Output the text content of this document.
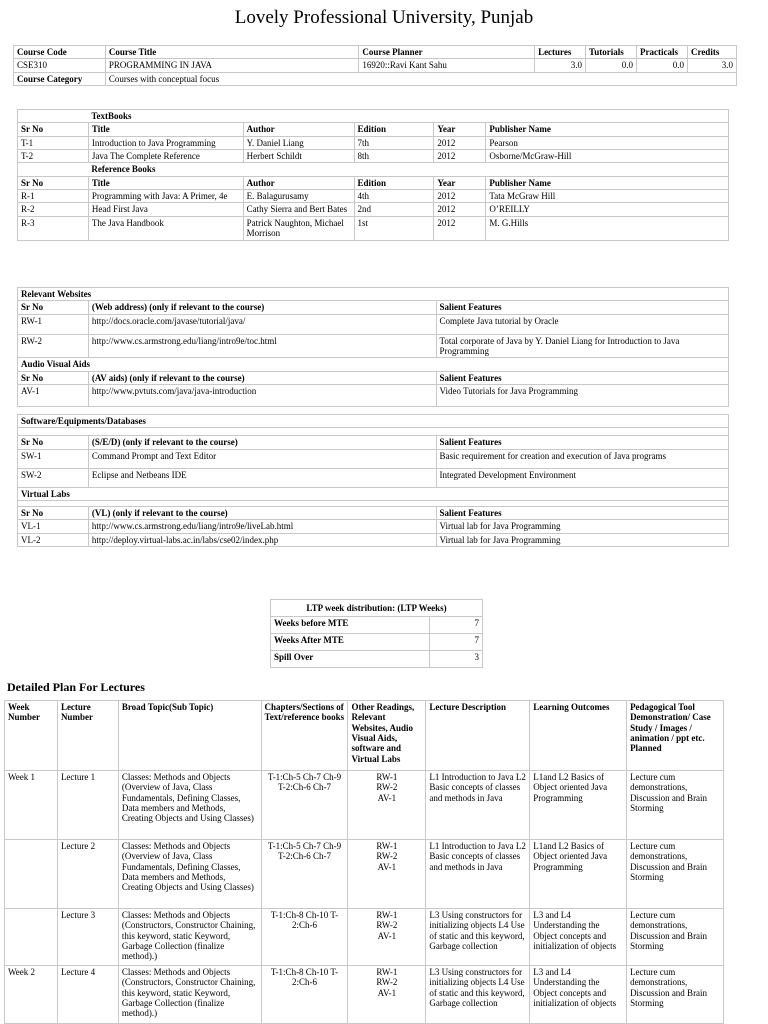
Lovely Professional University, Punjab
Course Code	Course Title	Course Planner	Lectures	Tutorials	Practicals	Credits
CSE310	PROGRAMMING IN JAVA	16920::Ravi Kant Sahu	3.0	0.0	0.0	3.0
Course Category	Courses with conceptual focus					
	TextBooks				
Sr No	Title	Author	Edition	Year	Publisher Name
T-1	Introduction to Java Programming	Y. Daniel Liang	7th	2012	Pearson
T-2	Java The Complete Reference	Herbert Schildt	8th	2012	Osborne/McGraw-Hill
	Reference Books				
Sr No	Title	Author	Edition	Year	Publisher Name
R-1	Programming with Java: A Primer, 4e	E. Balagurusamy	4th	2012	Tata McGraw Hill
R-2	Head First Java	Cathy Sierra and Bert Bates	2nd	2012	O’REILLY
R-3	The Java Handbook	Patrick Naughton, Michael Morrison	1st	2012	M. G.Hills
Relevant Websites		
Sr No	(Web address) (only if relevant to the course)	Salient Features
RW-1	http://docs.oracle.com/javase/tutorial/java/	Complete Java tutorial by Oracle
RW-2	http://www.cs.armstrong.edu/liang/intro9e/toc.html	Total corporate of Java by Y. Daniel Liang for Introduction to Java Programming
Audio Visual Aids		
Sr No	(AV aids) (only if relevant to the course)	Salient Features
AV-1	http://www.pvtuts.com/java/java-introduction	Video Tutorials for Java Programming

Software/Equipments/Databases		

Sr No	(S/E/D) (only if relevant to the course)	Salient Features
SW-1	Command Prompt and Text Editor	Basic requirement for creation and execution of Java programs
SW-2	Eclipse and Netbeans IDE	Integrated Development Environment
Virtual Labs		

Sr No	(VL) (only if relevant to the course)	Salient Features
VL-1	http://www.cs.armstrong.edu/liang/intro9e/liveLab.html	Virtual lab for Java Programming
VL-2	http://deploy.virtual-labs.ac.in/labs/cse02/index.php	Virtual lab for Java Programming
LTP week distribution: (LTP Weeks)	
Weeks before MTE	7
Weeks After MTE	7
Spill Over	3
Detailed Plan For Lectures
Week Number	Lecture Number	Broad Topic(Sub Topic)	Chapters/Sections of Text/reference books	Other Readings, Relevant Websites, Audio Visual Aids, software and Virtual Labs	Lecture Description	Learning Outcomes	Pedagogical Tool Demonstration/ Case Study / Images / animation / ppt etc. Planned
Week 1	Lecture 1	Classes: Methods and Objects (Overview of Java, Class Fundamentals, Defining Classes, Data members and Methods, Creating Objects and Using Classes)	T-1:Ch-5 Ch-7 Ch-9 T-2:Ch-6 Ch-7	RW-1 RW-2 AV-1	L1 Introduction to Java L2 Basic concepts of classes and methods in Java	L1and L2 Basics of Object oriented Java Programming	Lecture cum demonstrations, Discussion and Brain Storming
	Lecture 2	Classes: Methods and Objects (Overview of Java, Class Fundamentals, Defining Classes, Data members and Methods, Creating Objects and Using Classes)	T-1:Ch-5 Ch-7 Ch-9 T-2:Ch-6 Ch-7	RW-1 RW-2 AV-1	L1 Introduction to Java L2 Basic concepts of classes and methods in Java	L1and L2 Basics of Object oriented Java Programming	Lecture cum demonstrations, Discussion and Brain Storming
	Lecture 3	Classes: Methods and Objects (Constructors, Constructor Chaining, this keyword, static Keyword, Garbage Collection (finalize method).)	T-1:Ch-8 Ch-10 T-2:Ch-6	RW-1 RW-2 AV-1	L3 Using constructors for initializing objects L4 Use of static and this keyword, Garbage collection	L3 and L4 Understanding the Object concepts and initialization of objects	Lecture cum demonstrations, Discussion and Brain Storming
Week 2	Lecture 4	Classes: Methods and Objects (Constructors, Constructor Chaining, this keyword, static Keyword, Garbage Collection (finalize method).)	T-1:Ch-8 Ch-10 T-2:Ch-6	RW-1 RW-2 AV-1	L3 Using constructors for initializing objects L4 Use of static and this keyword, Garbage collection	L3 and L4 Understanding the Object concepts and initialization of objects	Lecture cum demonstrations, Discussion and Brain Storming
